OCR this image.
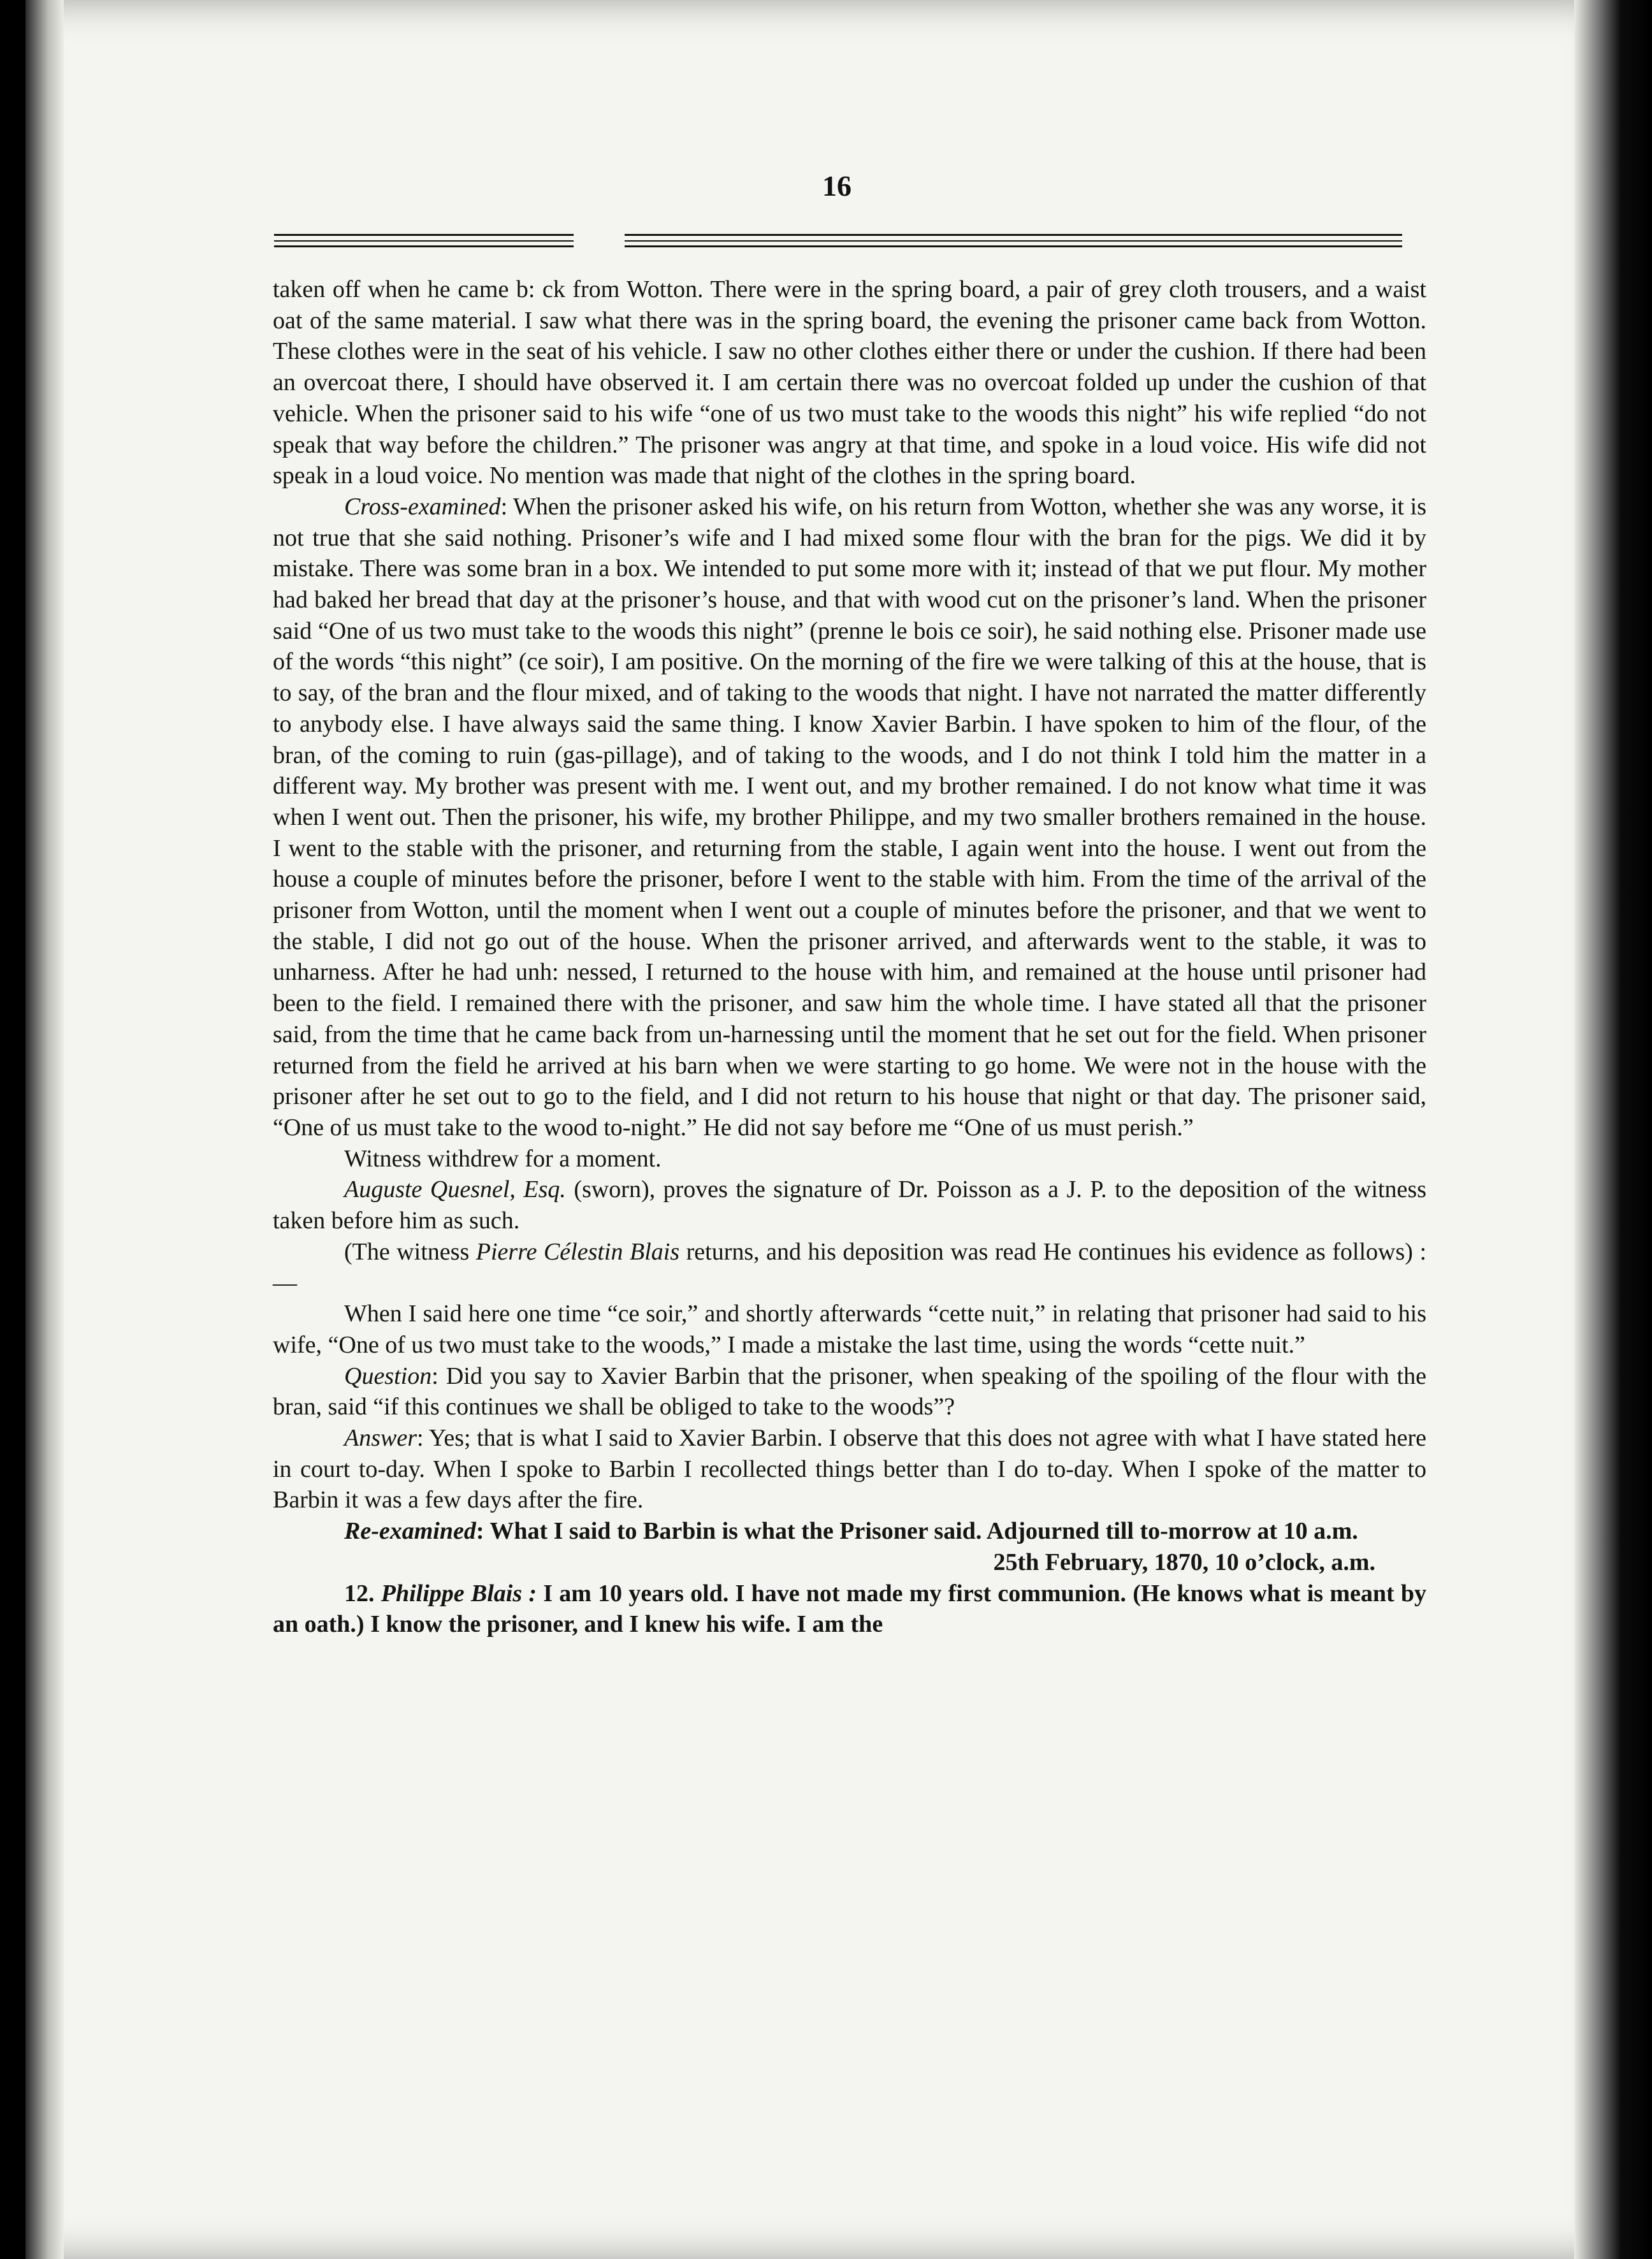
16

taken off when he came b: ck from Wotton. There were in the spring board, a pair of grey cloth trousers, and a waist oat of the same material. I saw what there was in the spring board, the evening the prisoner came back from Wotton. These clothes were in the seat of his vehicle. I saw no other clothes either there or under the cushion. If there had been an overcoat there, I should have observed it. I am certain there was no overcoat folded up under the cushion of that vehicle. When the prisoner said to his wife “one of us two must take to the woods this night” his wife replied “do not speak that way before the children.” The prisoner was angry at that time, and spoke in a loud voice. His wife did not speak in a loud voice. No mention was made that night of the clothes in the spring board.

Cross-examined: When the prisoner asked his wife, on his return from Wotton, whether she was any worse, it is not true that she said nothing. Prisoner’s wife and I had mixed some flour with the bran for the pigs. We did it by mistake. There was some bran in a box. We intended to put some more with it; instead of that we put flour. My mother had baked her bread that day at the prisoner’s house, and that with wood cut on the prisoner’s land. When the prisoner said “One of us two must take to the woods this night” (prenne le bois ce soir), he said nothing else. Prisoner made use of the words “this night” (ce soir), I am positive. On the morning of the fire we were talking of this at the house, that is to say, of the bran and the flour mixed, and of taking to the woods that night. I have not narrated the matter differently to anybody else. I have always said the same thing. I know Xavier Barbin. I have spoken to him of the flour, of the bran, of the coming to ruin (gas-pillage), and of taking to the woods, and I do not think I told him the matter in a different way. My brother was present with me. I went out, and my brother remained. I do not know what time it was when I went out. Then the prisoner, his wife, my brother Philippe, and my two smaller brothers remained in the house. I went to the stable with the prisoner, and returning from the stable, I again went into the house. I went out from the house a couple of minutes before the prisoner, before I went to the stable with him. From the time of the arrival of the prisoner from Wotton, until the moment when I went out a couple of minutes before the prisoner, and that we went to the stable, I did not go out of the house. When the prisoner arrived, and afterwards went to the stable, it was to unharness. After he had unh: nessed, I returned to the house with him, and remained at the house until prisoner had been to the field. I remained there with the prisoner, and saw him the whole time. I have stated all that the prisoner said, from the time that he came back from un-harnessing until the moment that he set out for the field. When prisoner returned from the field he arrived at his barn when we were starting to go home. We were not in the house with the prisoner after he set out to go to the field, and I did not return to his house that night or that day. The prisoner said, “One of us must take to the wood to-night.” He did not say before me “One of us must perish.”

Witness withdrew for a moment.

Auguste Quesnel, Esq. (sworn), proves the signature of Dr. Poisson as a J. P. to the deposition of the witness taken before him as such.

(The witness Pierre Célestin Blais returns, and his deposition was read He continues his evidence as follows) :—

When I said here one time “ce soir,” and shortly afterwards “cette nuit,” in relating that prisoner had said to his wife, “One of us two must take to the woods,” I made a mistake the last time, using the words “cette nuit.”

Question: Did you say to Xavier Barbin that the prisoner, when speaking of the spoiling of the flour with the bran, said “if this continues we shall be obliged to take to the woods”?

Answer: Yes; that is what I said to Xavier Barbin. I observe that this does not agree with what I have stated here in court to-day. When I spoke to Barbin I recollected things better than I do to-day. When I spoke of the matter to Barbin it was a few days after the fire.

Re-examined: What I said to Barbin is what the Prisoner said. Adjourned till to-morrow at 10 a.m.

25th February, 1870, 10 o’clock, a.m.

12. Philippe Blais : I am 10 years old. I have not made my first communion. (He knows what is meant by an oath.) I know the prisoner, and I knew his wife. I am the
